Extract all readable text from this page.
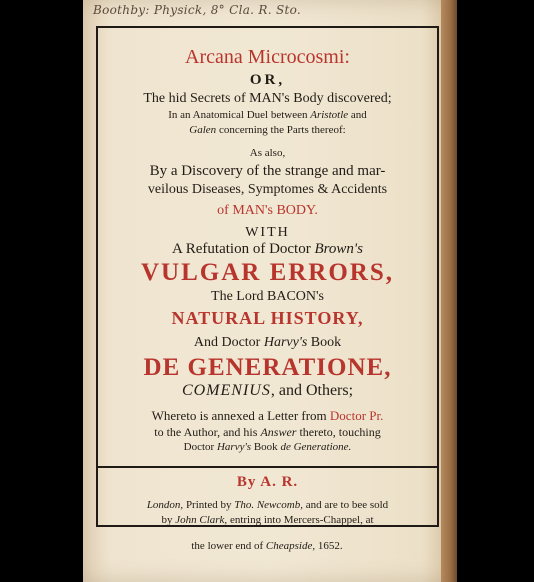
Boothby: Physick, 8° Cla. R. Sto.
Arcana Microcosmi:
OR,
The hid Secrets of MAN's Body discovered;
In an Anatomical Duel between Aristotle and
Galen concerning the Parts thereof:
As also,
By a Discovery of the strange and mar-
veilous Diseases, Symptomes & Accidents
of MAN's BODY.
WITH
A Refutation of Doctor Brown's
VULGAR ERRORS,
The Lord BACON's
NATURAL HISTORY,
And Doctor Harvy's Book
DE GENERATIONE,
COMENIUS, and Others;
Whereto is annexed a Letter from Doctor Pr.
to the Author, and his Answer thereto, touching
Doctor Harvy's Book de Generatione.
By A. R.
London, Printed by Tho. Newcomb, and are to bee sold
by John Clark, entring into Mercers-Chappel, at
the lower end of Cheapside, 1652.
